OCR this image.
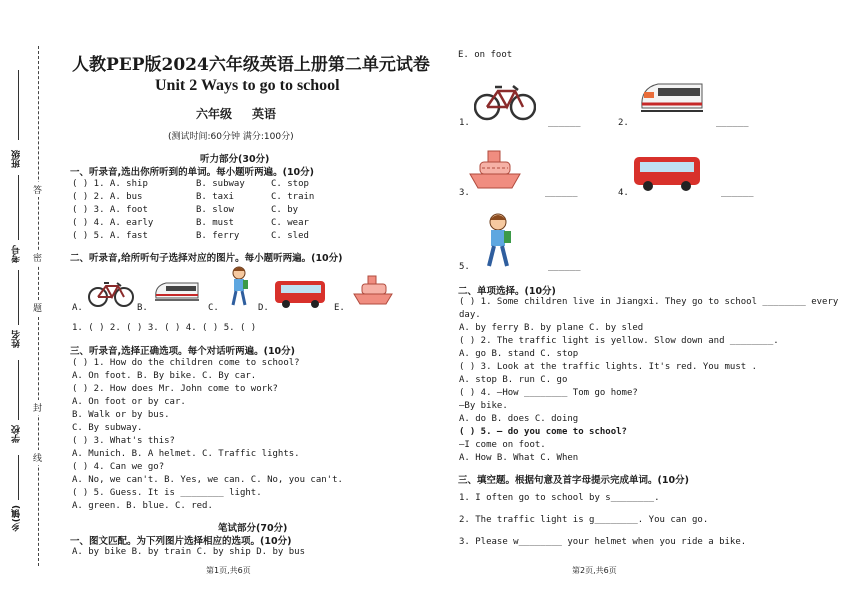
班级
考号
姓名
学校
乡(镇)
答
密
题
封
线
人教PEP版2024六年级英语上册第二单元试卷
Unit 2 Ways to go to school
六年级 英语
(测试时间:60分钟 满分:100分)
听力部分(30分)
一、听录音,选出你所听到的单词。每小题听两遍。(10分)
( ) 1. A. ship	B. subway	C. stop
( ) 2. A. bus	B. taxi	C. train
( ) 3. A. foot	B. slow	C. by
( ) 4. A. early	B. must	C. wear
( ) 5. A. fast	B. ferry	C. sled
二、听录音,给所听句子选择对应的图片。每小题听两遍。(10分)
A.	B.	C.	D.	E.
1. ( ) 2. ( ) 3. ( ) 4. ( ) 5. ( )
三、听录音,选择正确选项。每个对话听两遍。(10分)
( ) 1. How do the children come to school?
A. On foot. B. By bike. C. By car.
( ) 2. How does Mr. John come to work?
A. On foot or by car.
B. Walk or by bus.
C. By subway.
( ) 3. What's this?
A. Munich. B. A helmet. C. Traffic lights.
( ) 4. Can we go?
A. No, we can't. B. Yes, we can. C. No, you can't.
( ) 5. Guess. It is ________ light.
A. green. B. blue. C. red.
笔试部分(70分)
一、图文匹配。为下列图片选择相应的选项。(10分)
A. by bike B. by train C. by ship D. by bus
第1页,共6页
E. on foot
1.	______	2.	______
3.	______	4.	______
5.	______
二、单项选择。(10分)
( ) 1. Some children live in Jiangxi. They go to school ________ every
day.
A. by ferry B. by plane C. by sled
( ) 2. The traffic light is yellow. Slow down and ________.
A. go B. stand C. stop
( ) 3. Look at the traffic lights. It's red. You must .
A. stop B. run C. go
( ) 4. —How ________ Tom go home?
—By bike.
A. do B. does C. doing
( ) 5. — do you come to school?
—I come on foot.
A. How B. What C. When
三、填空题。根据句意及首字母提示完成单词。(10分)
1. I often go to school by s________.
2. The traffic light is g________. You can go.
3. Please w________ your helmet when you ride a bike.
第2页,共6页
